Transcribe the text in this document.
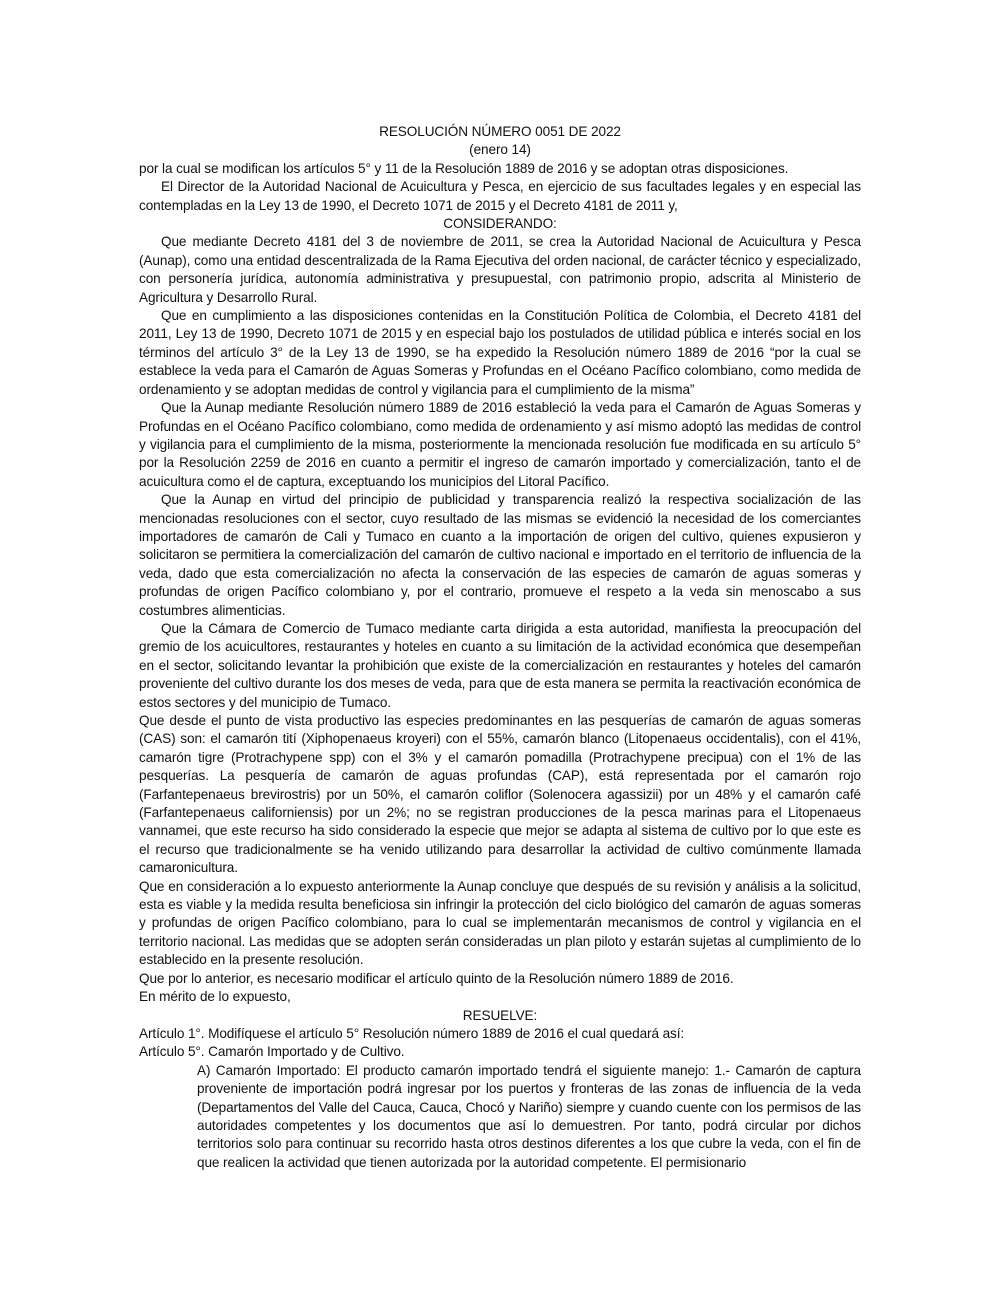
RESOLUCIÓN NÚMERO 0051 DE 2022

(enero 14)

por la cual se modifican los artículos 5° y 11 de la Resolución 1889 de 2016 y se adoptan otras disposiciones.

El Director de la Autoridad Nacional de Acuicultura y Pesca, en ejercicio de sus facultades legales y en especial las contempladas en la Ley 13 de 1990, el Decreto 1071 de 2015 y el Decreto 4181 de 2011 y,

CONSIDERANDO:

Que mediante Decreto 4181 del 3 de noviembre de 2011, se crea la Autoridad Nacional de Acuicultura y Pesca (Aunap), como una entidad descentralizada de la Rama Ejecutiva del orden nacional, de carácter técnico y especializado, con personería jurídica, autonomía administrativa y presupuestal, con patrimonio propio, adscrita al Ministerio de Agricultura y Desarrollo Rural.

Que en cumplimiento a las disposiciones contenidas en la Constitución Política de Colombia, el Decreto 4181 del 2011, Ley 13 de 1990, Decreto 1071 de 2015 y en especial bajo los postulados de utilidad pública e interés social en los términos del artículo 3° de la Ley 13 de 1990, se ha expedido la Resolución número 1889 de 2016 “por la cual se establece la veda para el Camarón de Aguas Someras y Profundas en el Océano Pacífico colombiano, como medida de ordenamiento y se adoptan medidas de control y vigilancia para el cumplimiento de la misma”

Que la Aunap mediante Resolución número 1889 de 2016 estableció la veda para el Camarón de Aguas Someras y Profundas en el Océano Pacífico colombiano, como medida de ordenamiento y así mismo adoptó las medidas de control y vigilancia para el cumplimiento de la misma, posteriormente la mencionada resolución fue modificada en su artículo 5° por la Resolución 2259 de 2016 en cuanto a permitir el ingreso de camarón importado y comercialización, tanto el de acuicultura como el de captura, exceptuando los municipios del Litoral Pacífico.

Que la Aunap en virtud del principio de publicidad y transparencia realizó la respectiva socialización de las mencionadas resoluciones con el sector, cuyo resultado de las mismas se evidenció la necesidad de los comerciantes importadores de camarón de Cali y Tumaco en cuanto a la importación de origen del cultivo, quienes expusieron y solicitaron se permitiera la comercialización del camarón de cultivo nacional e importado en el territorio de influencia de la veda, dado que esta comercialización no afecta la conservación de las especies de camarón de aguas someras y profundas de origen Pacífico colombiano y, por el contrario, promueve el respeto a la veda sin menoscabo a sus costumbres alimenticias.

Que la Cámara de Comercio de Tumaco mediante carta dirigida a esta autoridad, manifiesta la preocupación del gremio de los acuicultores, restaurantes y hoteles en cuanto a su limitación de la actividad económica que desempeñan en el sector, solicitando levantar la prohibición que existe de la comercialización en restaurantes y hoteles del camarón proveniente del cultivo durante los dos meses de veda, para que de esta manera se permita la reactivación económica de estos sectores y del municipio de Tumaco.

Que desde el punto de vista productivo las especies predominantes en las pesquerías de camarón de aguas someras (CAS) son: el camarón tití (Xiphopenaeus kroyeri) con el 55%, camarón blanco (Litopenaeus occidentalis), con el 41%, camarón tigre (Protrachypene spp) con el 3% y el camarón pomadilla (Protrachypene precipua) con el 1% de las pesquerías. La pesquería de camarón de aguas profundas (CAP), está representada por el camarón rojo (Farfantepenaeus brevirostris) por un 50%, el camarón coliflor (Solenocera agassizii) por un 48% y el camarón café (Farfantepenaeus californiensis) por un 2%; no se registran producciones de la pesca marinas para el Litopenaeus vannamei, que este recurso ha sido considerado la especie que mejor se adapta al sistema de cultivo por lo que este es el recurso que tradicionalmente se ha venido utilizando para desarrollar la actividad de cultivo comúnmente llamada camaronicultura.

Que en consideración a lo expuesto anteriormente la Aunap concluye que después de su revisión y análisis a la solicitud, esta es viable y la medida resulta beneficiosa sin infringir la protección del ciclo biológico del camarón de aguas someras y profundas de origen Pacífico colombiano, para lo cual se implementarán mecanismos de control y vigilancia en el territorio nacional. Las medidas que se adopten serán consideradas un plan piloto y estarán sujetas al cumplimiento de lo establecido en la presente resolución.

Que por lo anterior, es necesario modificar el artículo quinto de la Resolución número 1889 de 2016.

En mérito de lo expuesto,

RESUELVE:

Artículo 1°. Modifíquese el artículo 5° Resolución número 1889 de 2016 el cual quedará así:

Artículo 5°. Camarón Importado y de Cultivo.

A) Camarón Importado: El producto camarón importado tendrá el siguiente manejo: 1.- Camarón de captura proveniente de importación podrá ingresar por los puertos y fronteras de las zonas de influencia de la veda (Departamentos del Valle del Cauca, Cauca, Chocó y Nariño) siempre y cuando cuente con los permisos de las autoridades competentes y los documentos que así lo demuestren. Por tanto, podrá circular por dichos territorios solo para continuar su recorrido hasta otros destinos diferentes a los que cubre la veda, con el fin de que realicen la actividad que tienen autorizada por la autoridad competente. El permisionario
